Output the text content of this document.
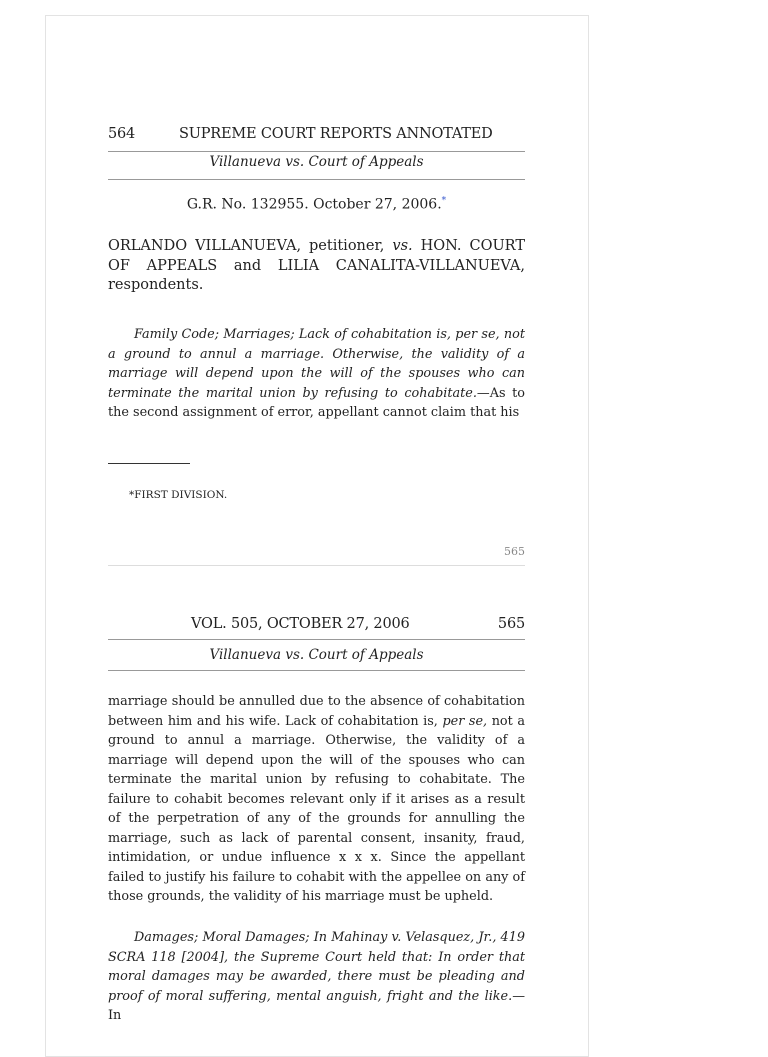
564	SUPREME COURT REPORTS ANNOTATED
Villanueva vs. Court of Appeals
G.R. No. 132955. October 27, 2006.*
ORLANDO VILLANUEVA, petitioner, vs. HON. COURT OF APPEALS and LILIA CANALITA-VILLANUEVA, respondents.
Family Code; Marriages; Lack of cohabitation is, per se, not a ground to annul a marriage. Otherwise, the validity of a marriage will depend upon the will of the spouses who can terminate the marital union by refusing to cohabitate.—As to the second assignment of error, appellant cannot claim that his
*FIRST DIVISION.
565
VOL. 505, OCTOBER 27, 2006	565
Villanueva vs. Court of Appeals
marriage should be annulled due to the absence of cohabitation between him and his wife. Lack of cohabitation is, per se, not a ground to annul a marriage. Otherwise, the validity of a marriage will depend upon the will of the spouses who can terminate the marital union by refusing to cohabitate. The failure to cohabit becomes relevant only if it arises as a result of the perpetration of any of the grounds for annulling the marriage, such as lack of parental consent, insanity, fraud, intimidation, or undue influence x x x. Since the appellant failed to justify his failure to cohabit with the appellee on any of those grounds, the validity of his marriage must be upheld.
Damages; Moral Damages; In Mahinay v. Velasquez, Jr., 419 SCRA 118 [2004], the Supreme Court held that: In order that moral damages may be awarded, there must be pleading and proof of moral suffering, mental anguish, fright and the like.—In
